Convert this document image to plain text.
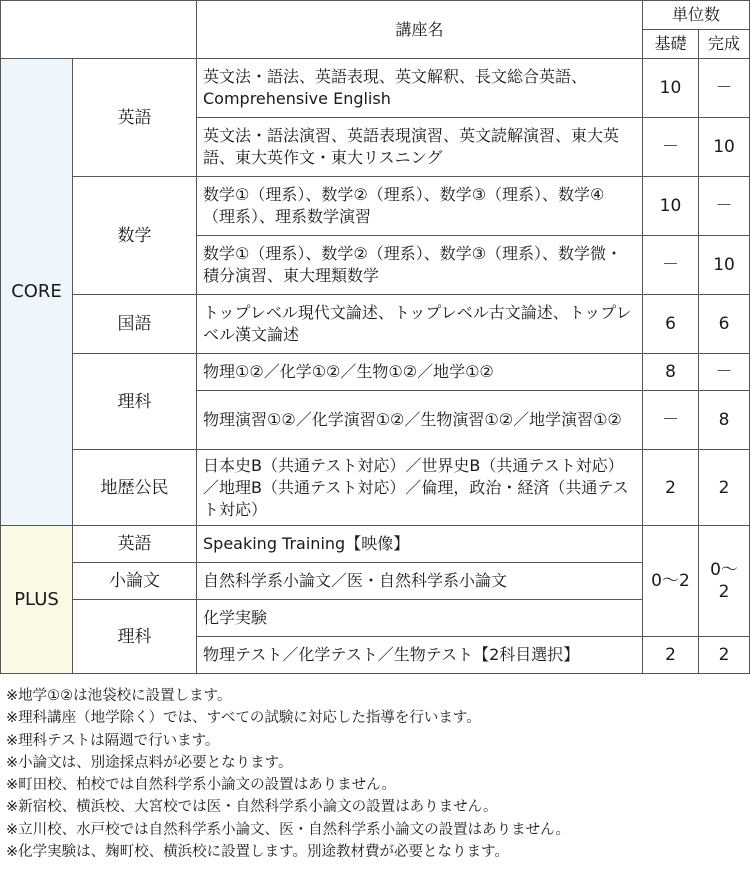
		講座名	単位数	
			基礎	完成
CORE	英語	英文法・語法、英語表現、英文解釈、長文総合英語、Comprehensive English	10	－
		英文法・語法演習、英語表現演習、英文読解演習、東大英語、東大英作文・東大リスニング	－	10
	数学	数学①（理系）、数学②（理系）、数学③（理系）、数学④（理系）、理系数学演習	10	－
		数学①（理系）、数学②（理系）、数学③（理系）、数学微・積分演習、東大理類数学	－	10
	国語	トップレベル現代文論述、トップレベル古文論述、トップレベル漢文論述	6	6
	理科	物理①②／化学①②／生物①②／地学①②	8	－
		物理演習①②／化学演習①②／生物演習①②／地学演習①②	－	8
	地歴公民	日本史B（共通テスト対応）／世界史B（共通テスト対応）／地理B（共通テスト対応）／倫理，政治・経済（共通テスト対応）	2	2
PLUS	英語	Speaking Training【映像】	0〜2	0〜2
	小論文	自然科学系小論文／医・自然科学系小論文		
	理科	化学実験		
		物理テスト／化学テスト／生物テスト【2科目選択】	2	2
※地学①②は池袋校に設置します。
※理科講座（地学除く）では、すべての試験に対応した指導を行います。
※理科テストは隔週で行います。
※小論文は、別途採点料が必要となります。
※町田校、柏校では自然科学系小論文の設置はありません。
※新宿校、横浜校、大宮校では医・自然科学系小論文の設置はありません。
※立川校、水戸校では自然科学系小論文、医・自然科学系小論文の設置はありません。
※化学実験は、麹町校、横浜校に設置します。別途教材費が必要となります。
